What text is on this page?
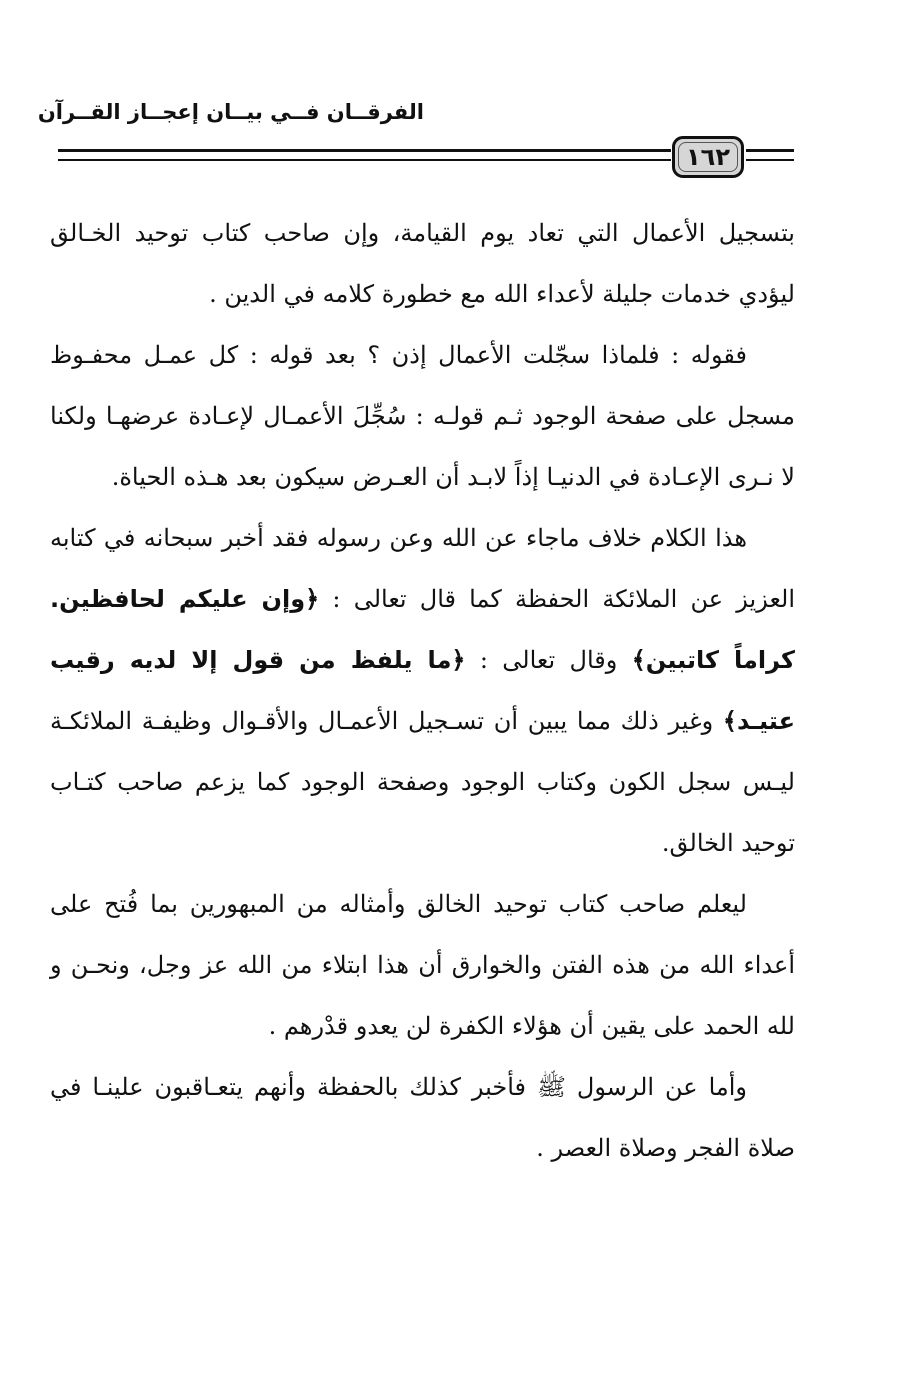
الفرقــان فــي بيــان إعجــاز القــرآن
١٦٢

بتسجيل الأعمال التي تعاد يوم القيامة، وإن صاحب كتاب توحيد الخـالق ليؤدي خدمات جليلة لأعداء الله مع خطورة كلامه في الدين .

فقوله : فلماذا سجّلت الأعمال إذن ؟ بعد قوله : كل عمـل محفـوظ مسجل على صفحة الوجود ثـم قولـه : سُجِّلَ الأعمـال لإعـادة عرضهـا ولكنا لا نـرى الإعـادة في الدنيـا إذاً لابـد أن العـرض سيكون بعد هـذه الحياة.

هذا الكلام خلاف ماجاء عن الله وعن رسوله فقد أخبر سبحانه في كتابه العزيز عن الملائكة الحفظة كما قال تعالى : ﴿وإن عليكم لحافظين. كراماً كاتبين﴾ وقال تعالى : ﴿ما يلفظ من قول إلا لديه رقيب عتيـد﴾ وغير ذلك مما يبين أن تسـجيل الأعمـال والأقـوال وظيفـة الملائكـة ليـس سجل الكون وكتاب الوجود وصفحة الوجود كما يزعم صاحب كتـاب توحيد الخالق.

ليعلم صاحب كتاب توحيد الخالق وأمثاله من المبهورين بما فُتح على أعداء الله من هذه الفتن والخوارق أن هذا ابتلاء من الله عز وجل، ونحـن و لله الحمد على يقين أن هؤلاء الكفرة لن يعدو قدْرهم .

وأما عن الرسول ﷺ فأخبر كذلك بالحفظة وأنهم يتعـاقبون علينـا في صلاة الفجر وصلاة العصر .
